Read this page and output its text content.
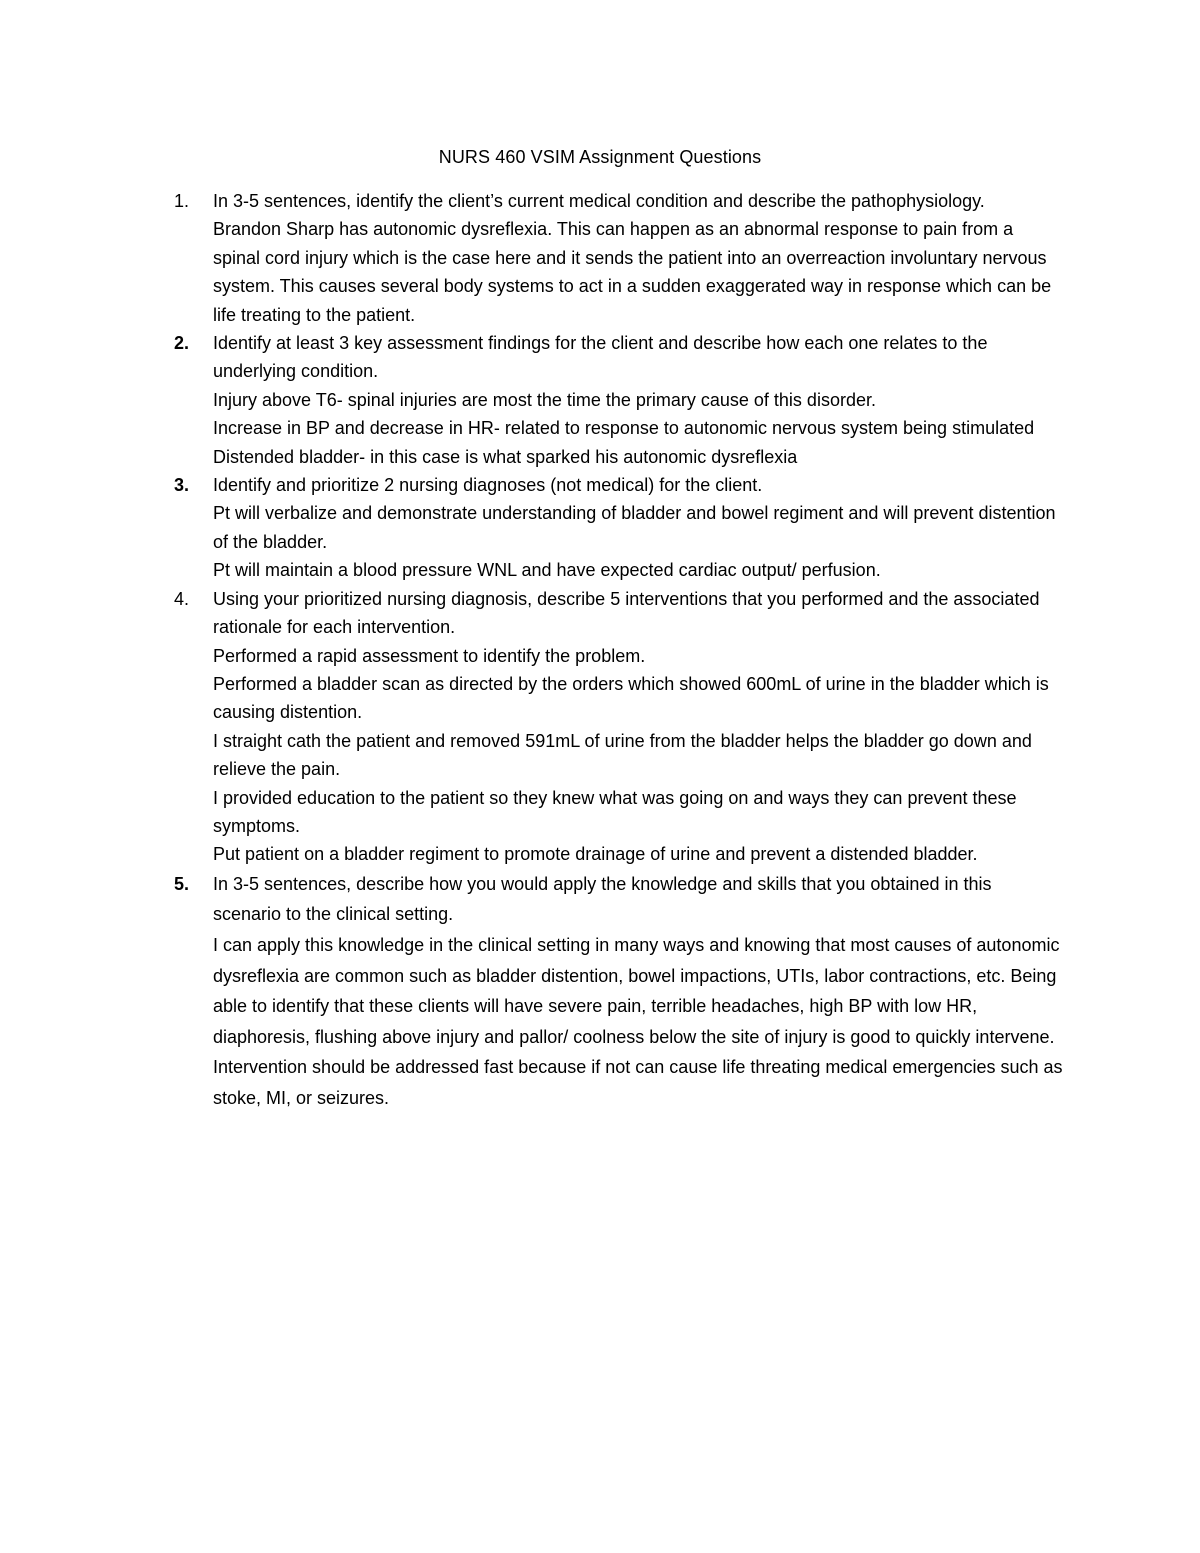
NURS 460 VSIM Assignment Questions
1.	In 3-5 sentences, identify the client’s current medical condition and describe the pathophysiology.
Brandon Sharp has autonomic dysreflexia. This can happen as an abnormal response to pain from a spinal cord injury which is the case here and it sends the patient into an overreaction involuntary nervous system. This causes several body systems to act in a sudden exaggerated way in response which can be life treating to the patient.
2.	Identify at least 3 key assessment findings for the client and describe how each one relates to the underlying condition.
Injury above T6- spinal injuries are most the time the primary cause of this disorder.
Increase in BP and decrease in HR- related to response to autonomic nervous system being stimulated
Distended bladder- in this case is what sparked his autonomic dysreflexia
3.	Identify and prioritize 2 nursing diagnoses (not medical) for the client.
Pt will verbalize and demonstrate understanding of bladder and bowel regiment and will prevent distention of the bladder.
Pt will maintain a blood pressure WNL and have expected cardiac output/ perfusion.
4.	Using your prioritized nursing diagnosis, describe 5 interventions that you performed and the associated rationale for each intervention.
Performed a rapid assessment to identify the problem.
Performed a bladder scan as directed by the orders which showed 600mL of urine in the bladder which is causing distention.
I straight cath the patient and removed 591mL of urine from the bladder helps the bladder go down and relieve the pain.
I provided education to the patient so they knew what was going on and ways they can prevent these symptoms.
Put patient on a bladder regiment to promote drainage of urine and prevent a distended bladder.
5.	In 3-5 sentences, describe how you would apply the knowledge and skills that you obtained in this scenario to the clinical setting.
I can apply this knowledge in the clinical setting in many ways and knowing that most causes of autonomic dysreflexia are common such as bladder distention, bowel impactions, UTIs, labor contractions, etc. Being able to identify that these clients will have severe pain, terrible headaches, high BP with low HR, diaphoresis, flushing above injury and pallor/ coolness below the site of injury is good to quickly intervene. Intervention should be addressed fast because if not can cause life threating medical emergencies such as stoke, MI, or seizures.
